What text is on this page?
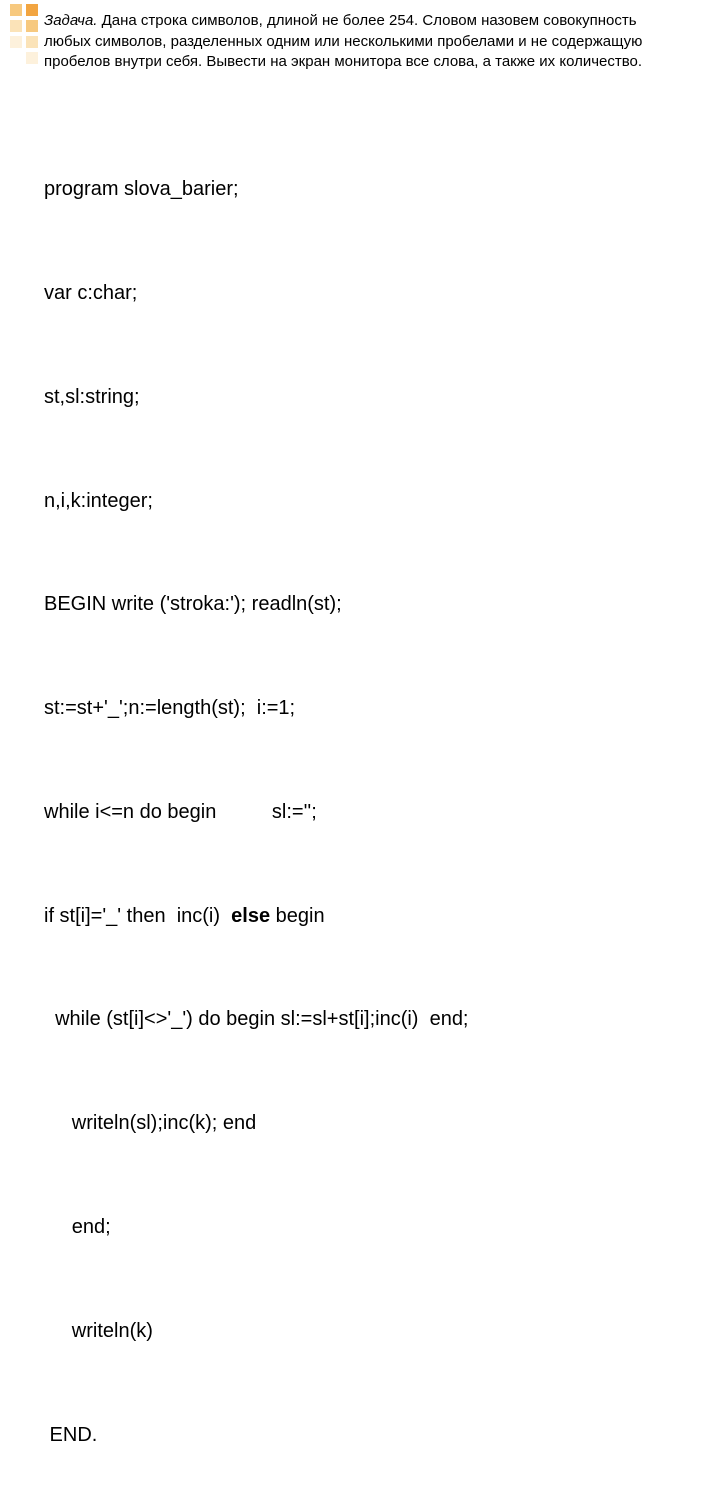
Задача. Дана строка символов, длиной не более 254. Словом назовем совокупность любых символов, разделенных одним или несколькими пробелами и не содержащую пробелов внутри себя. Вывести на экран монитора все слова, а также их количество.

program slova_barier;

var c:char;

st,sl:string;

n,i,k:integer;

BEGIN write ('stroka:'); readln(st);

st:=st+'_';n:=length(st);  i:=1;

while i<=n do begin          sl:='';

if st[i]='_' then  inc(i)  else begin

while (st[i]<>'_') do begin sl:=sl+st[i];inc(i)  end;

writeln(sl);inc(k); end

end;

writeln(k)

END.
